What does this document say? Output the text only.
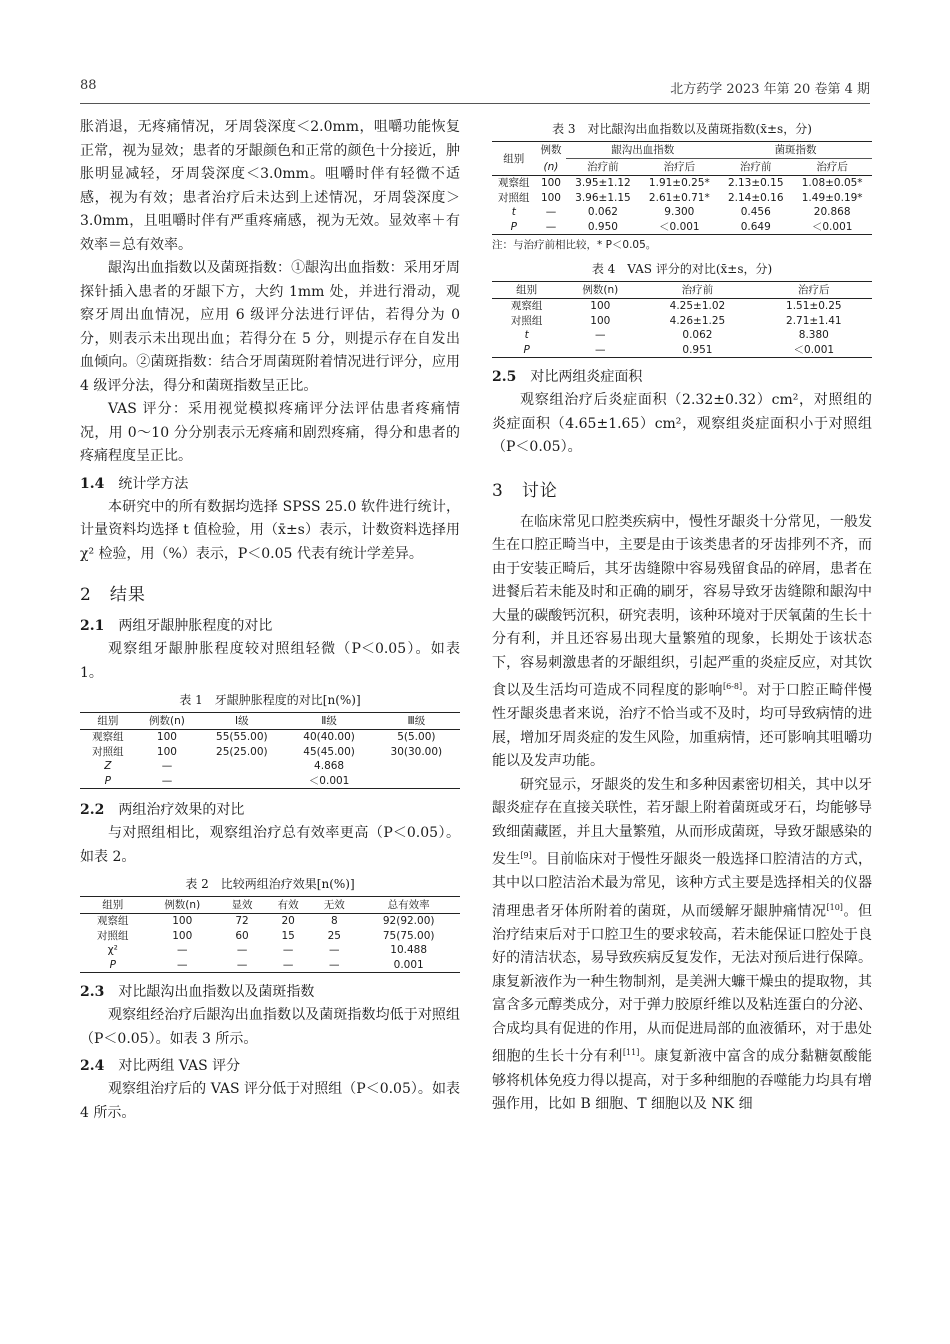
88	北方药学 2023 年第 20 卷第 4 期

胀消退，无疼痛情况，牙周袋深度＜2.0mm，咀嚼功能恢复正常，视为显效；患者的牙龈颜色和正常的颜色十分接近，肿胀明显减轻，牙周袋深度＜3.0mm。咀嚼时伴有轻微不适感，视为有效；患者治疗后未达到上述情况，牙周袋深度＞3.0mm，且咀嚼时伴有严重疼痛感，视为无效。显效率＋有效率＝总有效率。

龈沟出血指数以及菌斑指数：①龈沟出血指数：采用牙周探针插入患者的牙龈下方，大约 1mm 处，并进行滑动，观察牙周出血情况，应用 6 级评分法进行评估，若得分为 0 分，则表示未出现出血；若得分在 5 分，则提示存在自发出血倾向。②菌斑指数：结合牙周菌斑附着情况进行评分，应用 4 级评分法，得分和菌斑指数呈正比。

VAS 评分：采用视觉模拟疼痛评分法评估患者疼痛情况，用 0～10 分分别表示无疼痛和剧烈疼痛，得分和患者的疼痛程度呈正比。

1.4 统计学方法

本研究中的所有数据均选择 SPSS 25.0 软件进行统计，计量资料均选择 t 值检验，用（x̄±s）表示，计数资料选择用 χ² 检验，用（%）表示，P＜0.05 代表有统计学差异。

2　结果
2.1 两组牙龈肿胀程度的对比

观察组牙龈肿胀程度较对照组轻微（P＜0.05）。如表 1。

表 1　牙龈肿胀程度的对比[n(%)]
组别	例数(n)	Ⅰ级	Ⅱ级	Ⅲ级
观察组	100	55(55.00)	40(40.00)	5(5.00)
对照组	100	25(25.00)	45(45.00)	30(30.00)
Z	—		4.868	
P	—		＜0.001	
2.2 两组治疗效果的对比

与对照组相比，观察组治疗总有效率更高（P＜0.05）。如表 2。

表 2　比较两组治疗效果[n(%)]
组别	例数(n)	显效	有效	无效	总有效率
观察组	100	72	20	8	92(92.00)
对照组	100	60	15	25	75(75.00)
χ²	—	—	—	—	10.488
P	—	—	—	—	0.001
2.3 对比龈沟出血指数以及菌斑指数

观察组经治疗后龈沟出血指数以及菌斑指数均低于对照组（P＜0.05）。如表 3 所示。

2.4 对比两组 VAS 评分

观察组治疗后的 VAS 评分低于对照组（P＜0.05）。如表 4 所示。

表 3　对比龈沟出血指数以及菌斑指数(x̄±s，分)
组别	例数	龈沟出血指数		菌斑指数	
	(n)	治疗前	治疗后	治疗前	治疗后
观察组	100	3.95±1.12	1.91±0.25*	2.13±0.15	1.08±0.05*
对照组	100	3.96±1.15	2.61±0.71*	2.14±0.16	1.49±0.19*
t	—	0.062	9.300	0.456	20.868
P	—	0.950	＜0.001	0.649	＜0.001
注：与治疗前相比较，* P＜0.05。
表 4　VAS 评分的对比(x̄±s，分)
组别	例数(n)	治疗前	治疗后
观察组	100	4.25±1.02	1.51±0.25
对照组	100	4.26±1.25	2.71±1.41
t	—	0.062	8.380
P	—	0.951	＜0.001
2.5 对比两组炎症面积

观察组治疗后炎症面积（2.32±0.32）cm²，对照组的炎症面积（4.65±1.65）cm²，观察组炎症面积小于对照组（P＜0.05）。

3　讨论

在临床常见口腔类疾病中，慢性牙龈炎十分常见，一般发生在口腔正畸当中，主要是由于该类患者的牙齿排列不齐，而由于安装正畸后，其牙齿缝隙中容易残留食品的碎屑，患者在进餐后若未能及时和正确的刷牙，容易导致牙齿缝隙和龈沟中大量的碳酸钙沉积，研究表明，该种环境对于厌氧菌的生长十分有利，并且还容易出现大量繁殖的现象，长期处于该状态下，容易刺激患者的牙龈组织，引起严重的炎症反应，对其饮食以及生活均可造成不同程度的影响[6-8]。对于口腔正畸伴慢性牙龈炎患者来说，治疗不恰当或不及时，均可导致病情的进展，增加牙周炎症的发生风险，加重病情，还可影响其咀嚼功能以及发声功能。

研究显示，牙龈炎的发生和多种因素密切相关，其中以牙龈炎症存在直接关联性，若牙龈上附着菌斑或牙石，均能够导致细菌藏匿，并且大量繁殖，从而形成菌斑，导致牙龈感染的发生[9]。目前临床对于慢性牙龈炎一般选择口腔清洁的方式，其中以口腔洁治术最为常见，该种方式主要是选择相关的仪器清理患者牙体所附着的菌斑，从而缓解牙龈肿痛情况[10]。但治疗结束后对于口腔卫生的要求较高，若未能保证口腔处于良好的清洁状态，易导致疾病反复发作，无法对预后进行保障。康复新液作为一种生物制剂，是美洲大蠊干燥虫的提取物，其富含多元醇类成分，对于弹力胶原纤维以及粘连蛋白的分泌、合成均具有促进的作用，从而促进局部的血液循环，对于患处细胞的生长十分有利[11]。康复新液中富含的成分黏糖氨酸能够将机体免疫力得以提高，对于多种细胞的吞噬能力均具有增强作用，比如 B 细胞、T 细胞以及 NK 细
